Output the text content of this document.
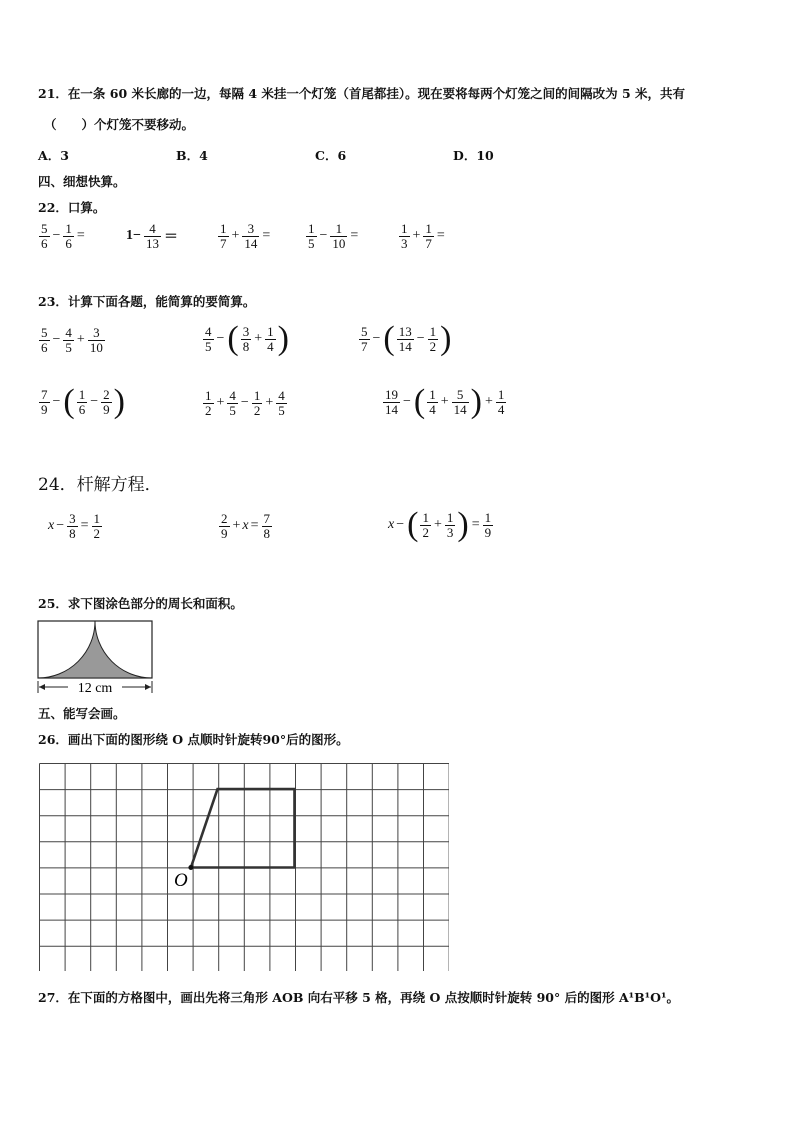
21．在一条 60 米长廊的一边，每隔 4 米挂一个灯笼（首尾都挂）。现在要将每两个灯笼之间的间隔改为 5 米，共有
（　　）个灯笼不要移动。
A．3	B．4	C．6	D．10
四、细想快算。
22．口算。
$\frac{5}{6} - \frac{1}{6}$ =	$1- \frac{4}{13}$ ＝	$\frac{1}{7} + \frac{3}{14}$ =	$\frac{1}{5} - \frac{1}{10}$ =	$\frac{1}{3} + \frac{1}{7}$ =
23．计算下面各题，能简算的要简算。
$\frac{5}{6} - \frac{4}{5} + \frac{3}{10}$	$\frac{4}{5}$ − ( $\frac{3}{8} + \frac{1}{4}$ )	$\frac{5}{7}$ − ( $\frac{13}{14} - \frac{1}{2}$ )
$\frac{7}{9}$ − ( $\frac{1}{6} - \frac{2}{9}$ )	$\frac{1}{2} + \frac{4}{5} - \frac{1}{2} + \frac{4}{5}$	$\frac{19}{14}$ − ( $\frac{1}{4} + \frac{5}{14}$ ) + $\frac{1}{4}$
24．杆解方程．
$x - \frac{3}{8} = \frac{1}{2}$	$\frac{2}{9} + x = \frac{7}{8}$	x − ( $\frac{1}{2} + \frac{1}{3}$ ) = $\frac{1}{9}$
25．求下图涂色部分的周长和面积。
12 cm
五、能写会画。
26．画出下面的图形绕 O 点顺时针旋转90°后的图形。
O
27．在下面的方格图中，画出先将三角形 AOB 向右平移 5 格，再绕 O 点按顺时针旋转 90° 后的图形 A¹B¹O¹。
